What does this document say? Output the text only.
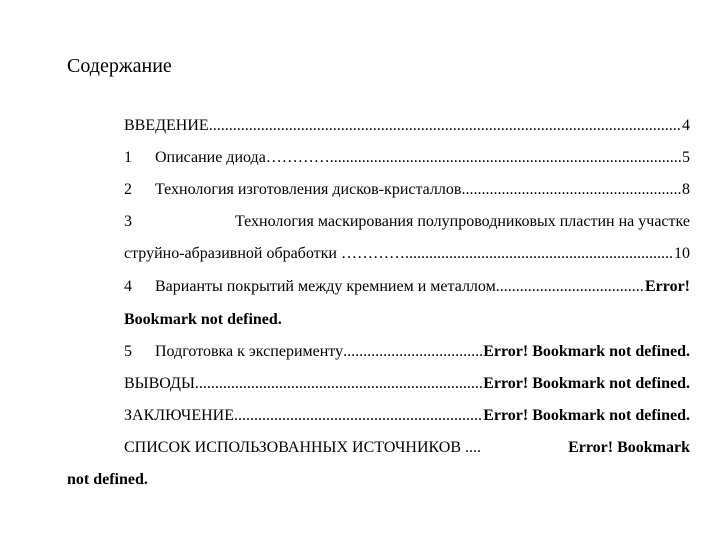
Содержание
ВВЕДЕНИЕ .....	4
1	Описание диода………….. .....	5
2	Технология изготовления дисков-кристаллов .....	8
3	Технология маскирования полупроводниковых пластин на участке
струйно-абразивной обработки ………….. .....	10
4	Варианты покрытий между кремнием и металлом .....	Error!
Bookmark not defined.
5	Подготовка к эксперименту .....	Error! Bookmark not defined.
ВЫВОДЫ .....	Error! Bookmark not defined.
ЗАКЛЮЧЕНИЕ .....	Error! Bookmark not defined.
СПИСОК ИСПОЛЬЗОВАННЫХ ИСТОЧНИКОВ ....	Error! Bookmark
not defined.
